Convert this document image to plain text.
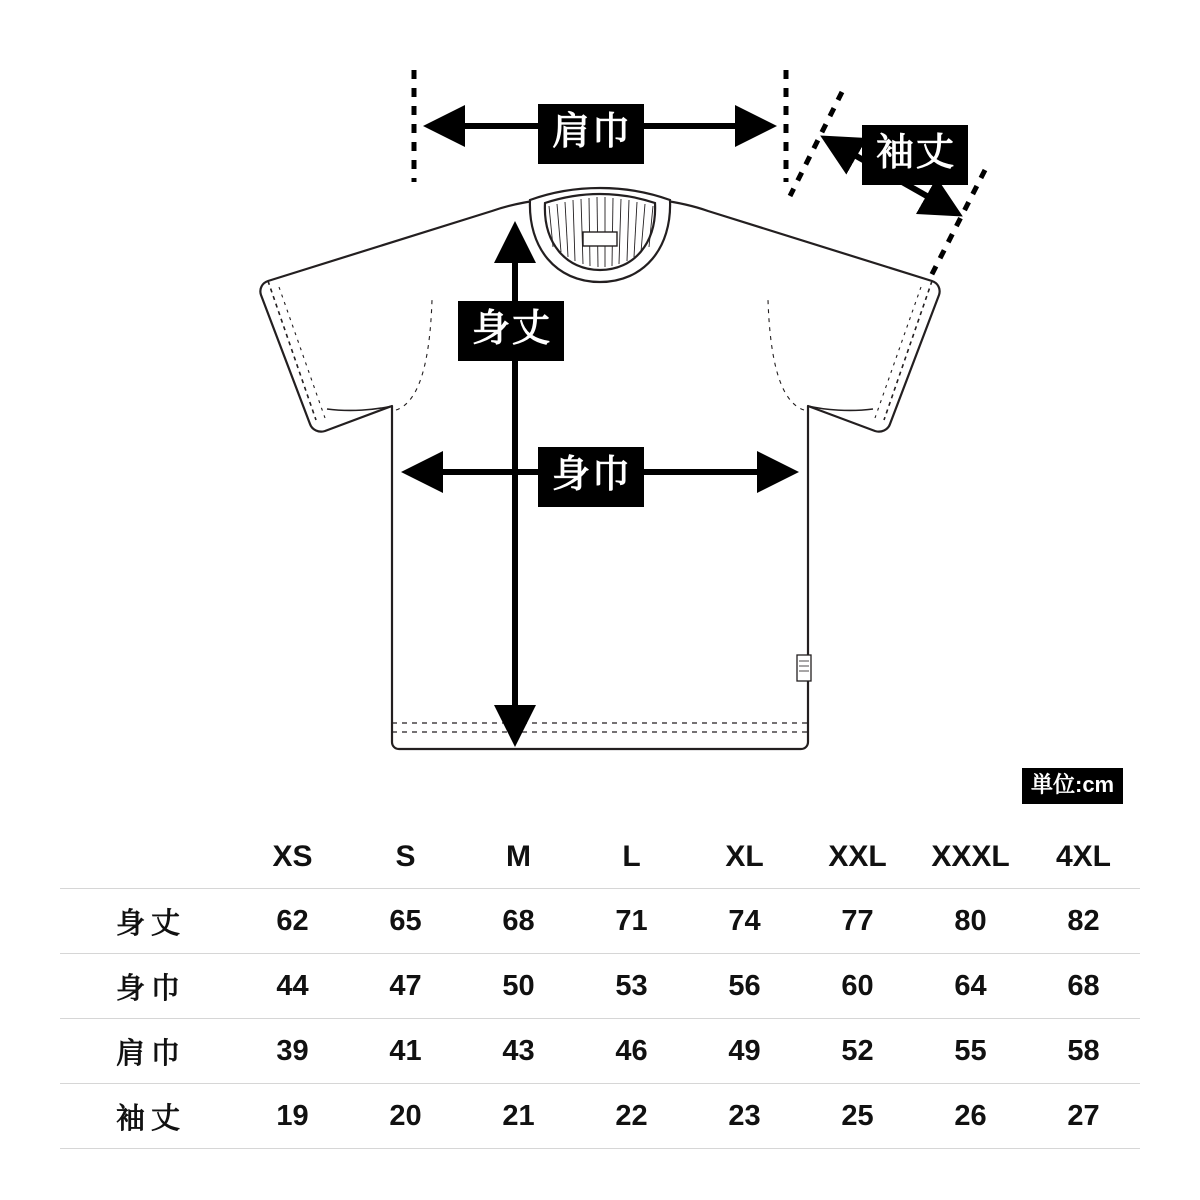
肩巾	袖丈
身丈
身巾
単位:cm
	XS	S	M	L	XL	XXL	XXXL	4XL
身丈	62	65	68	71	74	77	80	82
身巾	44	47	50	53	56	60	64	68
肩巾	39	41	43	46	49	52	55	58
袖丈	19	20	21	22	23	25	26	27
